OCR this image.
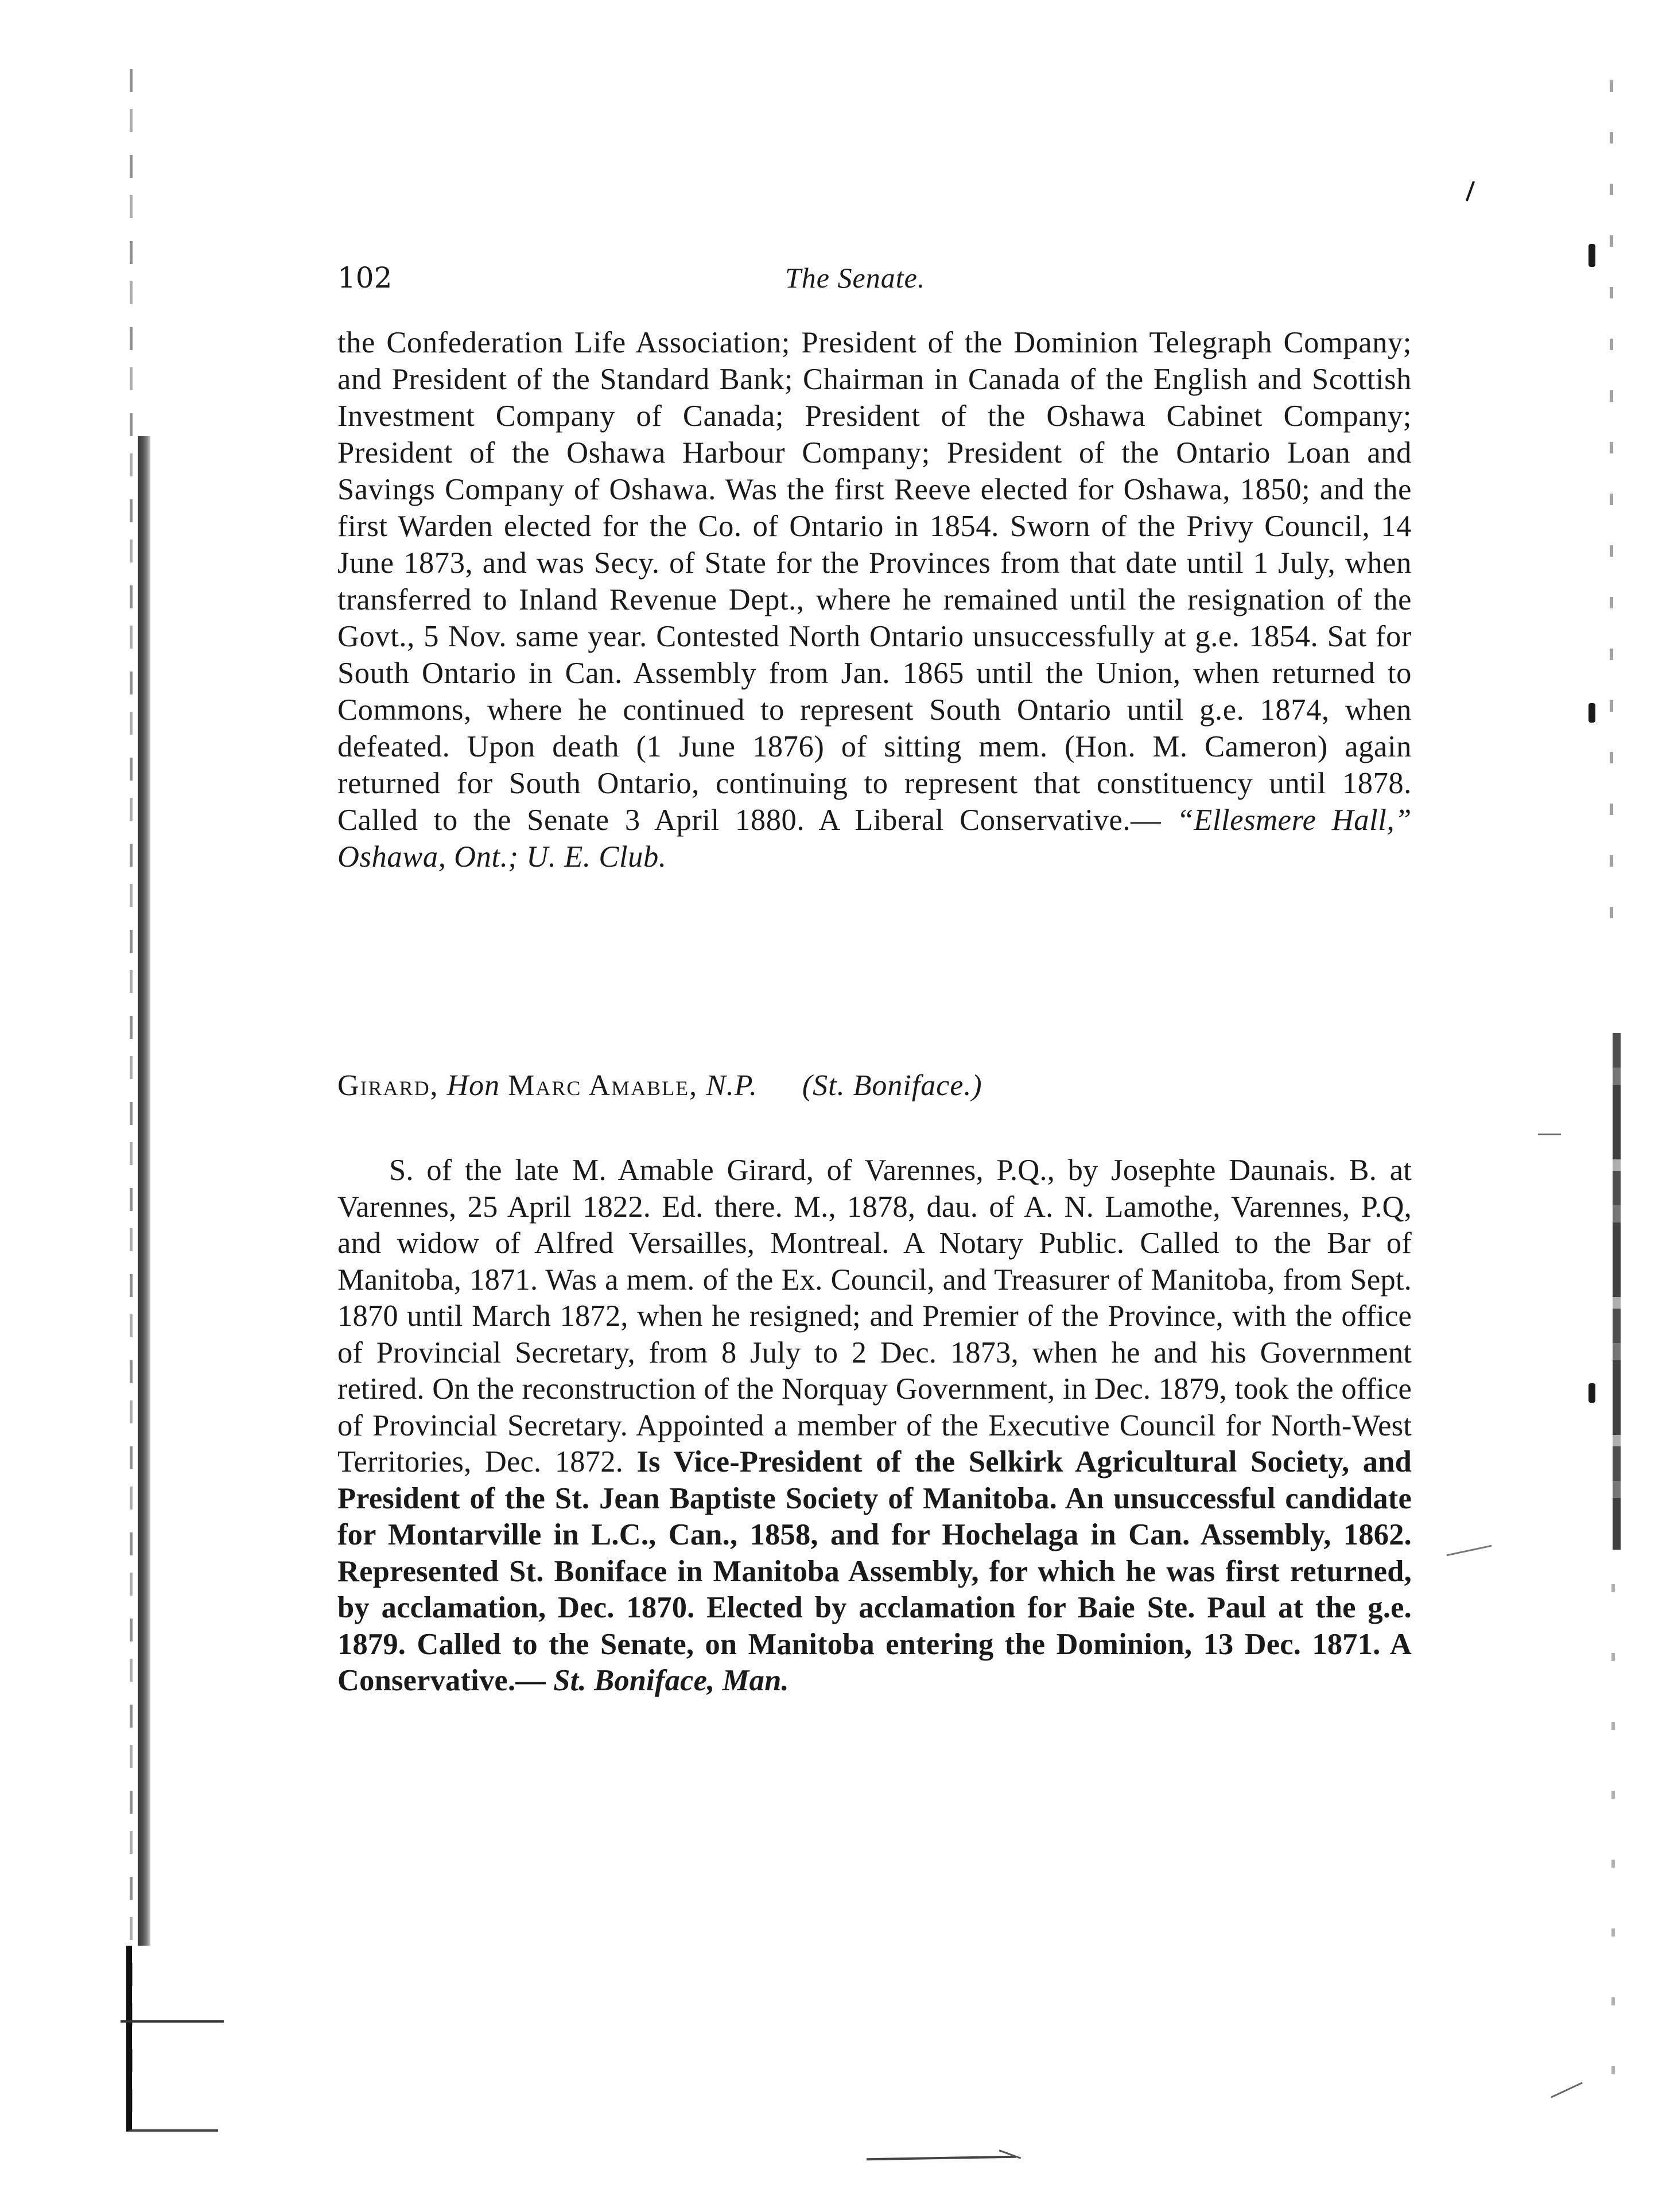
102	The Senate.

the Confederation Life Association; President of the Dominion Telegraph Company; and President of the Standard Bank; Chairman in Canada of the English and Scottish Investment Company of Canada; President of the Oshawa Cabinet Company; President of the Oshawa Harbour Company; President of the Ontario Loan and Savings Company of Oshawa. Was the first Reeve elected for Oshawa, 1850; and the first Warden elected for the Co. of Ontario in 1854. Sworn of the Privy Council, 14 June 1873, and was Secy. of State for the Provinces from that date until 1 July, when transferred to Inland Revenue Dept., where he remained until the resignation of the Govt., 5 Nov. same year. Contested North Ontario unsuccessfully at g.e. 1854. Sat for South Ontario in Can. Assembly from Jan. 1865 until the Union, when returned to Commons, where he continued to represent South Ontario until g.e. 1874, when defeated. Upon death (1 June 1876) of sitting mem. (Hon. M. Cameron) again returned for South Ontario, continuing to represent that constituency until 1878. Called to the Senate 3 April 1880. A Liberal Conservative.— “Ellesmere Hall,” Oshawa, Ont.; U. E. Club.

Girard, Hon Marc Amable, N.P. (St. Boniface.)

S. of the late M. Amable Girard, of Varennes, P.Q., by Josephte Daunais. B. at Varennes, 25 April 1822. Ed. there. M., 1878, dau. of A. N. Lamothe, Varennes, P.Q, and widow of Alfred Versailles, Montreal. A Notary Public. Called to the Bar of Manitoba, 1871. Was a mem. of the Ex. Council, and Treasurer of Manitoba, from Sept. 1870 until March 1872, when he resigned; and Premier of the Province, with the office of Provincial Secretary, from 8 July to 2 Dec. 1873, when he and his Government retired. On the reconstruction of the Norquay Government, in Dec. 1879, took the office of Provincial Secretary. Appointed a member of the Executive Council for North-West Territories, Dec. 1872. Is Vice-President of the Selkirk Agricultural Society, and President of the St. Jean Baptiste Society of Manitoba. An unsuccessful candidate for Montarville in L.C., Can., 1858, and for Hochelaga in Can. Assembly, 1862. Represented St. Boniface in Manitoba Assembly, for which he was first returned, by acclamation, Dec. 1870. Elected by acclamation for Baie Ste. Paul at the g.e. 1879. Called to the Senate, on Manitoba entering the Dominion, 13 Dec. 1871. A Conservative.— St. Boniface, Man.
